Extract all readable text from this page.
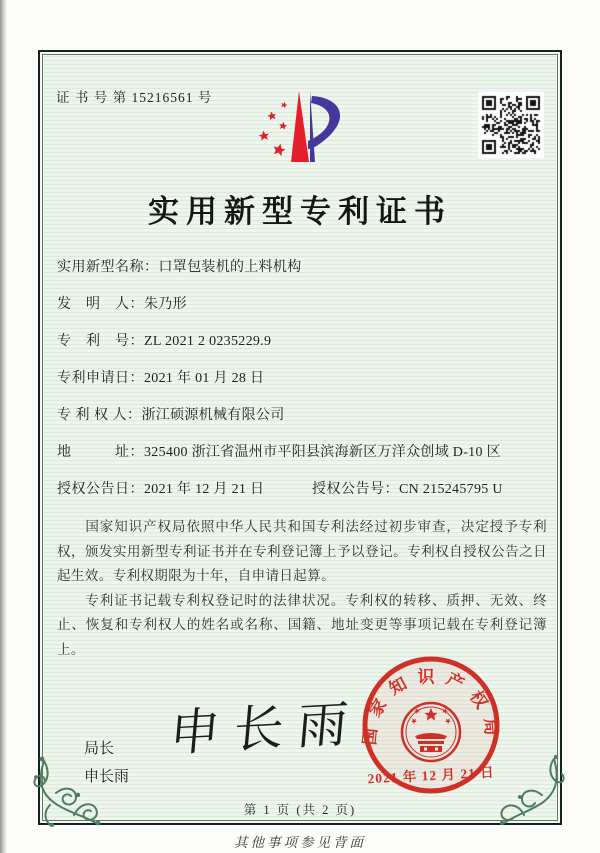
证 书 号 第 15216561 号
实用新型专利证书
实用新型名称：口罩包装机的上料机构
发　明　人：朱乃形
专　利　号：ZL 2021 2 0235229.9
专利申请日：2021 年 01 月 28 日
专 利 权 人：浙江硕源机械有限公司
地　　　址：325400 浙江省温州市平阳县滨海新区万洋众创域 D-10 区
授权公告日：2021 年 12 月 21 日	授权公告号：CN 215245795 U

国家知识产权局依照中华人民共和国专利法经过初步审查，决定授予专利权，颁发实用新型专利证书并在专利登记簿上予以登记。专利权自授权公告之日起生效。专利权期限为十年，自申请日起算。

专利证书记载专利权登记时的法律状况。专利权的转移、质押、无效、终止、恢复和专利权人的姓名或名称、国籍、地址变更等事项记载在专利登记簿上。

局长
申长雨
申长雨
国家知识产权局
2021 年 12 月 21 日
第 1 页 (共 2 页)
其他事项参见背面
